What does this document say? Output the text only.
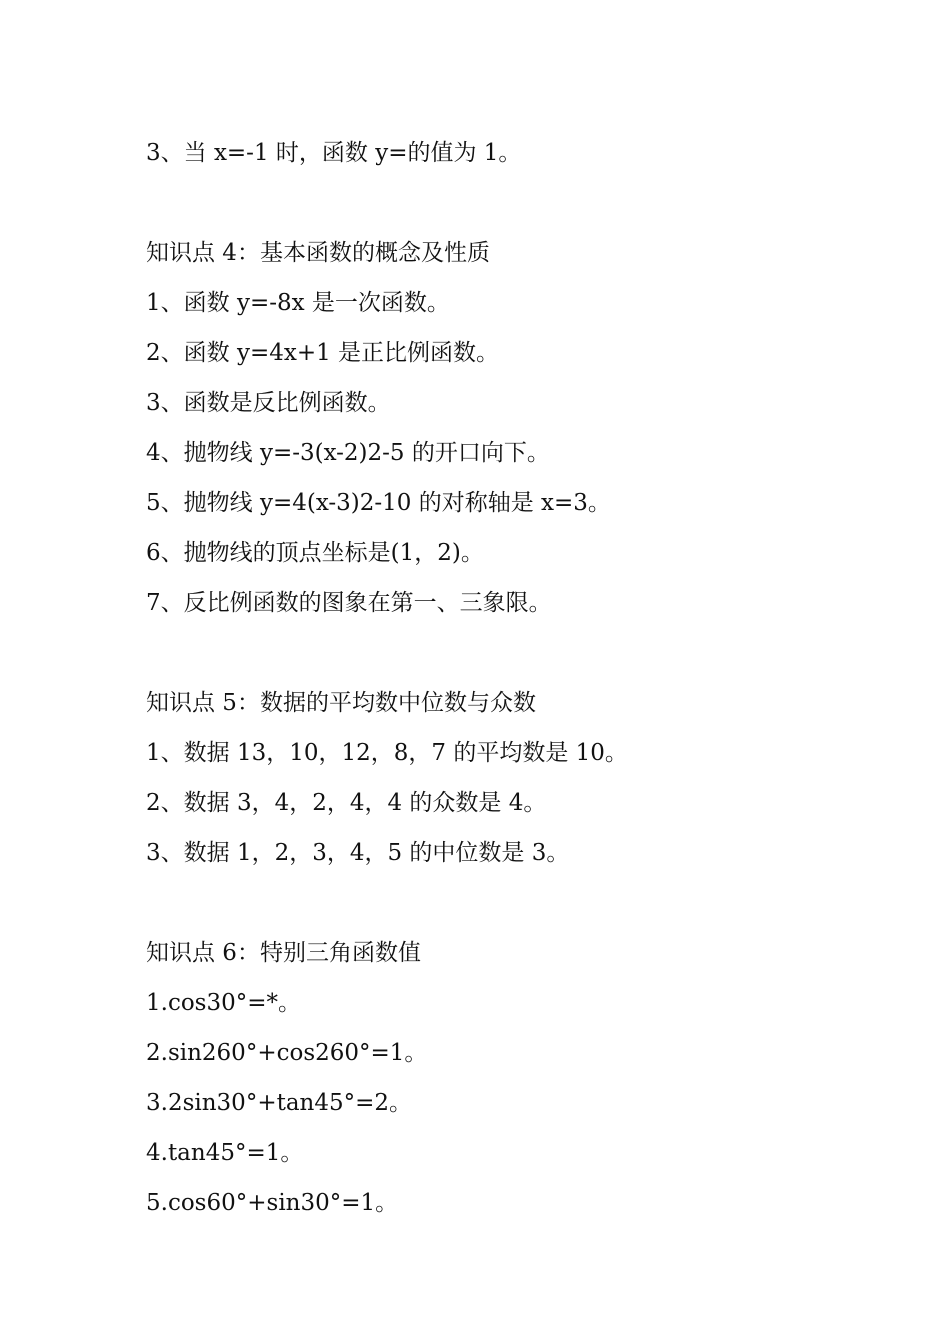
3、当 x=-1 时，函数 y=的值为 1。
知识点 4：基本函数的概念及性质
1、函数 y=-8x 是一次函数。
2、函数 y=4x+1 是正比例函数。
3、函数是反比例函数。
4、抛物线 y=-3(x-2)2-5 的开口向下。
5、抛物线 y=4(x-3)2-10 的对称轴是 x=3。
6、抛物线的顶点坐标是(1，2)。
7、反比例函数的图象在第一、三象限。
知识点 5：数据的平均数中位数与众数
1、数据 13，10，12，8，7 的平均数是 10。
2、数据 3，4，2，4，4 的众数是 4。
3、数据 1，2，3，4，5 的中位数是 3。
知识点 6：特别三角函数值
1.cos30°=*。
2.sin260°+cos260°=1。
3.2sin30°+tan45°=2。
4.tan45°=1。
5.cos60°+sin30°=1。
